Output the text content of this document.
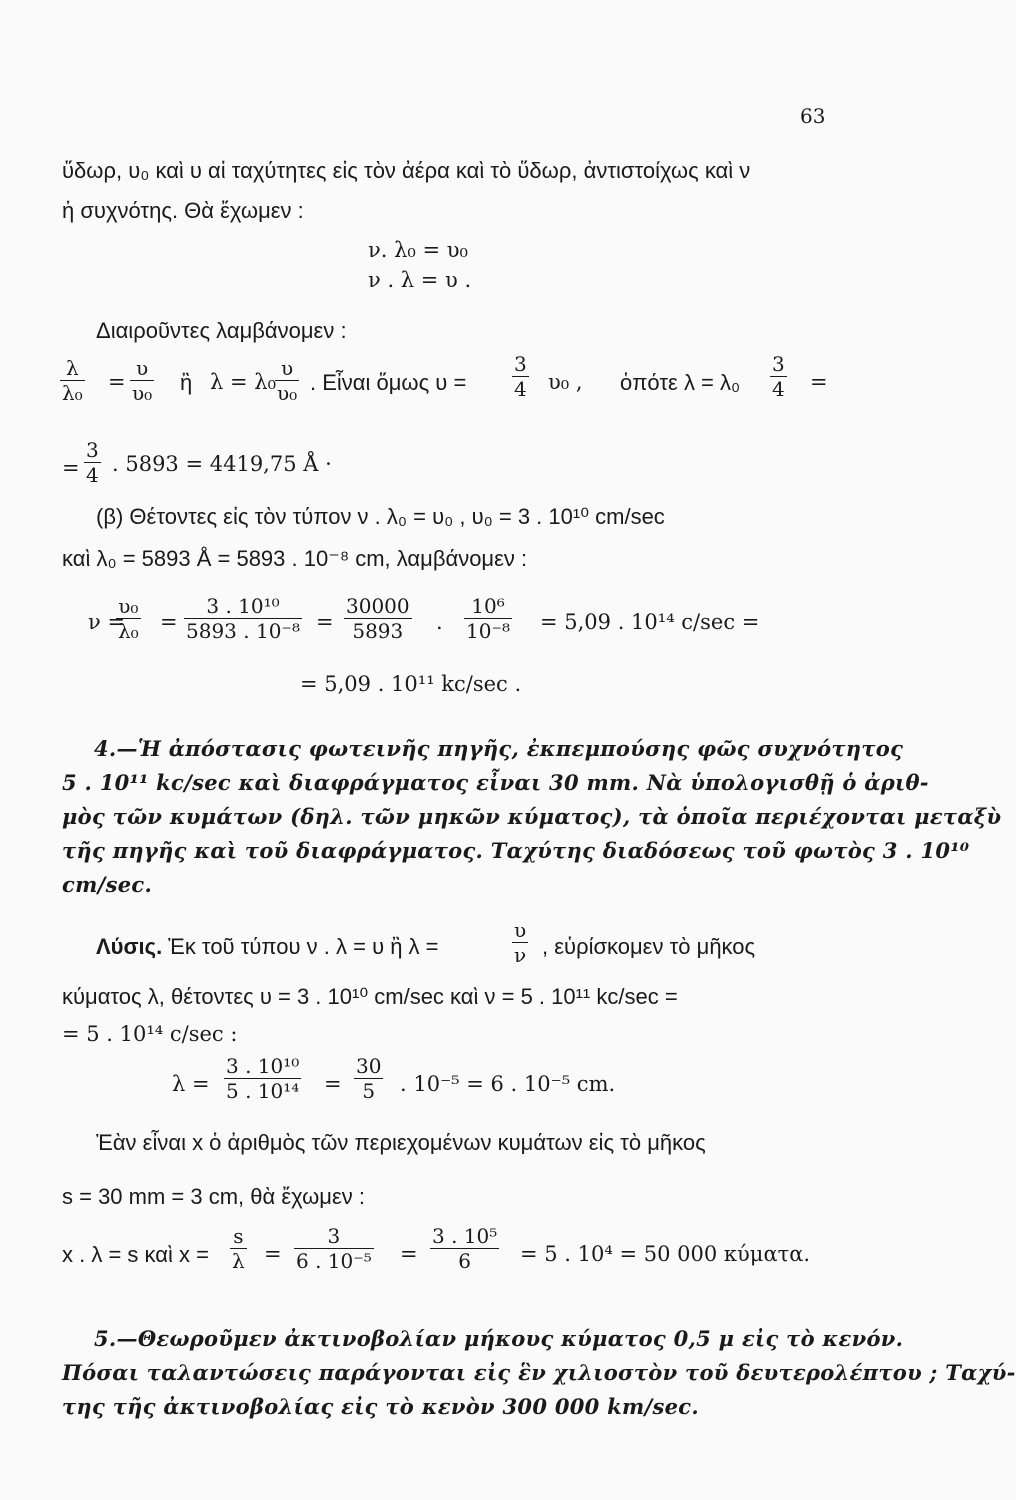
63
ὕδωρ, υ₀ καὶ υ αἱ ταχύτητες εἰς τὸν ἀέρα καὶ τὸ ὕδωρ, ἀντιστοίχως καὶ ν
ἡ συχνότης. Θὰ ἔχωμεν :
ν. λ₀ = υ₀
ν . λ = υ .
Διαιροῦντες λαμβάνομεν :
$\frac{\lambda}{\text{λ₀}} = \frac{\upsilon}{\text{υ₀}}$ ἢ $\lambda = \lambda_0 \frac{\upsilon}{\text{υ₀}}$ . Εἶναι ὅμως $\upsilon = \frac{3}{4} \upsilon_0$ , ὁπότε $\lambda = \lambda_0 \frac{3}{4}$ =
= $\frac{3}{4}$ . 5893 = 4419,75 Å ·
(β) Θέτοντες εἰς τὸν τύπον ν . λ₀ = υ₀ , υ₀ = 3 . 10¹⁰ cm/sec
καὶ λ₀ = 5893 Å = 5893 . 10⁻⁸ cm, λαμβάνομεν :
ν =
$\frac{\text{υ₀}}{\text{λ₀}} = \frac{\text{3 . 10¹⁰}}{\text{5893 . 10⁻⁸}} = \frac{30000}{5893}$ . $\frac{\text{10⁶}}{\text{10⁻⁸}} = 5,09$ . 10¹⁴ c/sec =
= 5,09 . 10¹¹ kc/sec .
4.—Ἡ ἀπόστασις φωτεινῆς πηγῆς, ἐκπεμπούσης φῶς συχνότητος
5 . 10¹¹ kc/sec καὶ διαφράγματος εἶναι 30 mm. Νὰ ὑπολογισθῇ ὁ ἀριθ-
μὸς τῶν κυμάτων (δηλ. τῶν μηκῶν κύματος), τὰ ὁποῖα περιέχονται μεταξὺ
τῆς πηγῆς καὶ τοῦ διαφράγματος. Ταχύτης διαδόσεως τοῦ φωτὸς 3 . 10¹⁰
cm/sec.
Λύσις. Ἐκ τοῦ τύπου ν . λ = υ ἢ λ =	$\frac{\upsilon}{\nu}$ , εὑρίσκομεν τὸ μῆκος
κύματος λ, θέτοντες υ = 3 . 10¹⁰ cm/sec καὶ ν = 5 . 10¹¹ kc/sec =
= 5 . 10¹⁴ c/sec :
$\lambda = \frac{\text{3 . 10¹⁰}}{\text{5 . 10¹⁴}} = \frac{30}{5}$ . 10⁻⁵ = 6 . 10⁻⁵ cm.
Ἐὰν εἶναι x ὁ ἀριθμὸς τῶν περιεχομένων κυμάτων εἰς τὸ μῆκος
s = 30 mm = 3 cm, θὰ ἔχωμεν :
x . λ = s καὶ $x = \frac{s}{\lambda} = \frac{3}{\text{6 . 10⁻⁵}} = \frac{\text{3 . 10⁵}}{6} = 5$ . 10⁴ = 50 000 κύματα.
5.—Θεωροῦμεν ἀκτινοβολίαν μήκους κύματος 0,5 μ εἰς τὸ κενόν.
Πόσαι ταλαντώσεις παράγονται εἰς ἓν χιλιοστὸν τοῦ δευτερολέπτου ; Ταχύ-
της τῆς ἀκτινοβολίας εἰς τὸ κενὸν 300 000 km/sec.
